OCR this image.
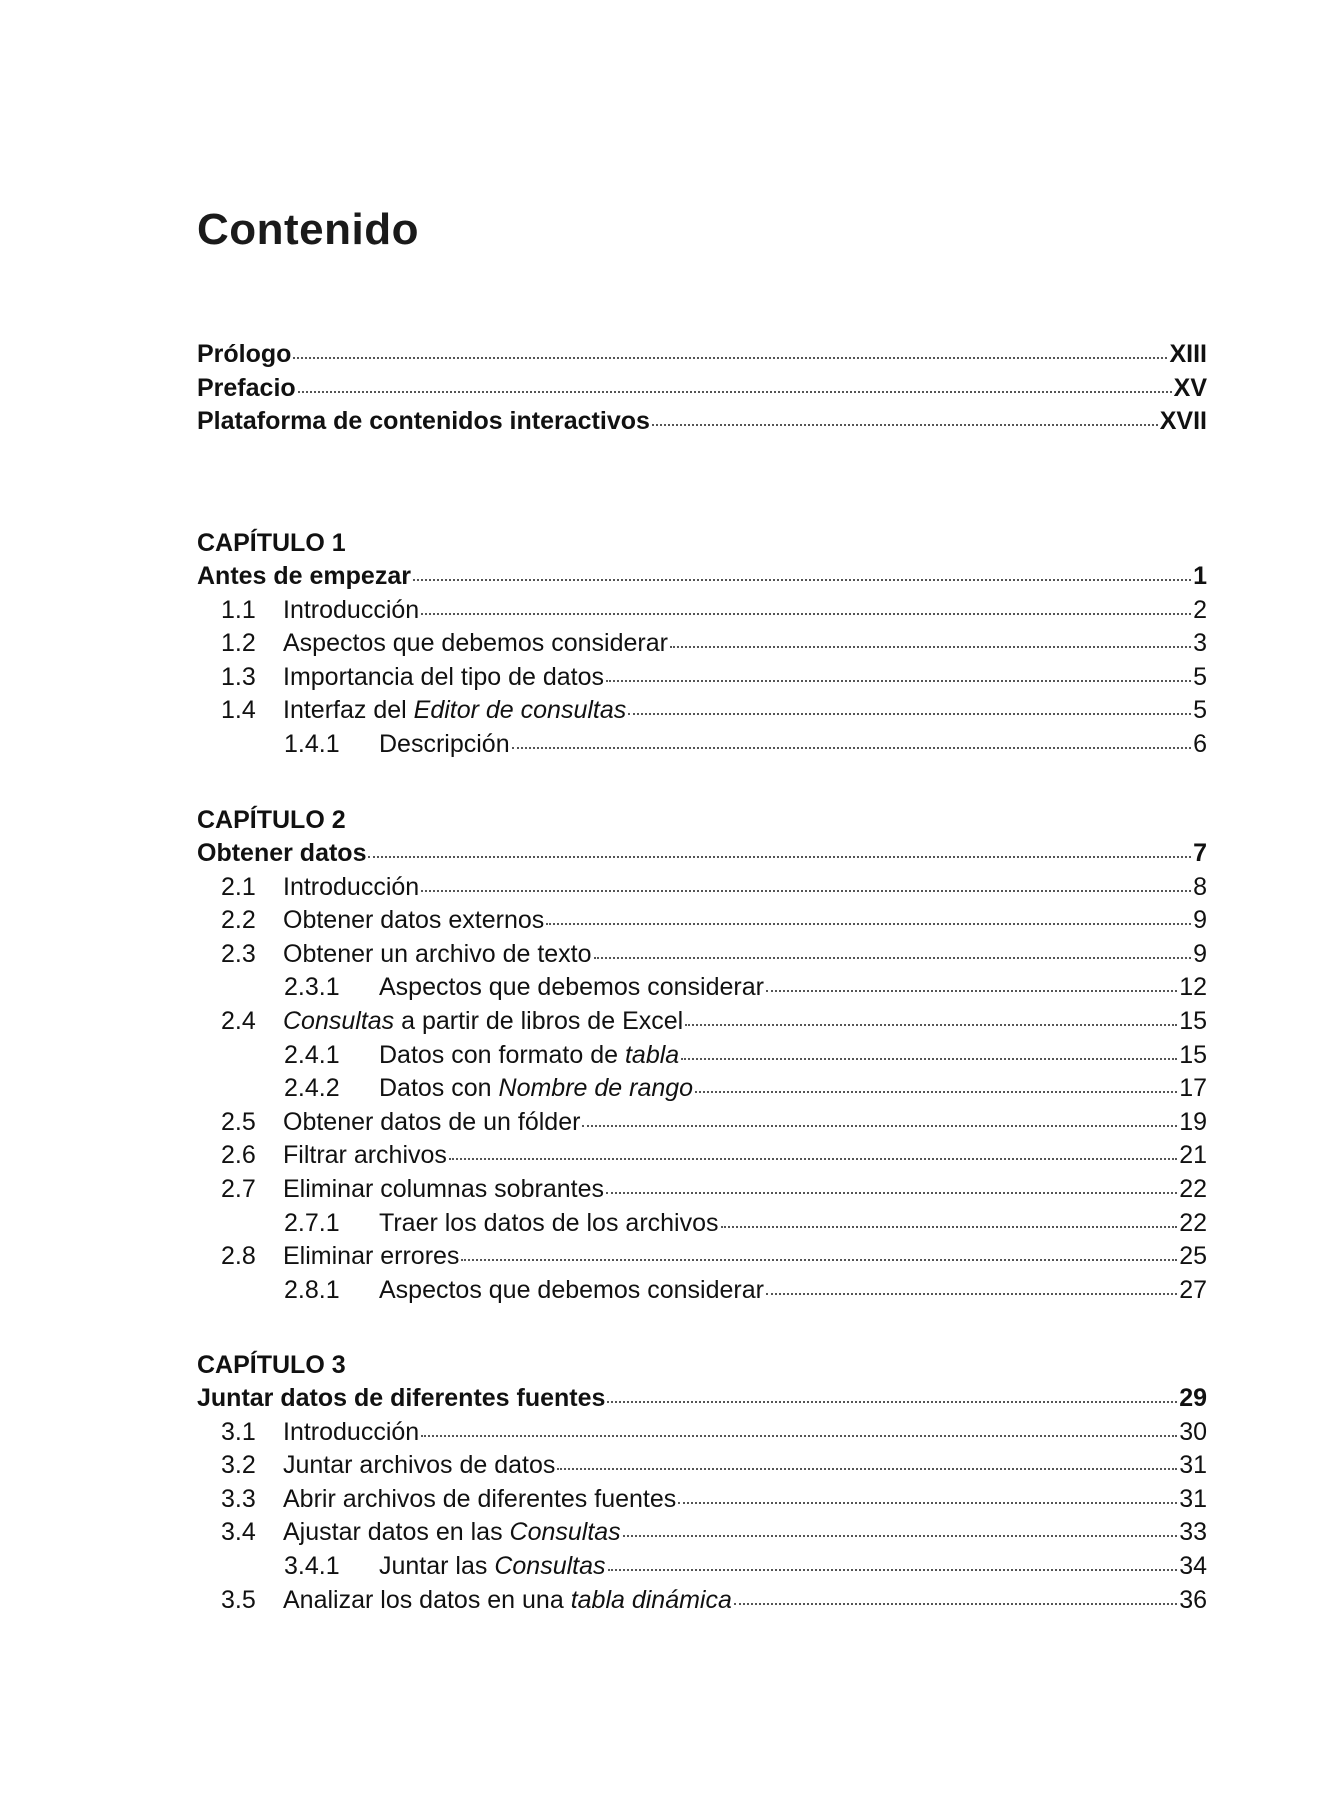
Contenido
Prólogo	XIII
Prefacio	XV
Plataforma de contenidos interactivos	XVII
CAPÍTULO 1
Antes de empezar	1
1.1	Introducción	2
1.2	Aspectos que debemos considerar	3
1.3	Importancia del tipo de datos	5
1.4	Interfaz del Editor de consultas	5
1.4.1	Descripción	6
CAPÍTULO 2
Obtener datos	7
2.1	Introducción	8
2.2	Obtener datos externos	9
2.3	Obtener un archivo de texto	9
2.3.1	Aspectos que debemos considerar	12
2.4	Consultas a partir de libros de Excel	15
2.4.1	Datos con formato de tabla	15
2.4.2	Datos con Nombre de rango	17
2.5	Obtener datos de un fólder	19
2.6	Filtrar archivos	21
2.7	Eliminar columnas sobrantes	22
2.7.1	Traer los datos de los archivos	22
2.8	Eliminar errores	25
2.8.1	Aspectos que debemos considerar	27
CAPÍTULO 3
Juntar datos de diferentes fuentes	29
3.1	Introducción	30
3.2	Juntar archivos de datos	31
3.3	Abrir archivos de diferentes fuentes	31
3.4	Ajustar datos en las Consultas	33
3.4.1	Juntar las Consultas	34
3.5	Analizar los datos en una tabla dinámica	36
